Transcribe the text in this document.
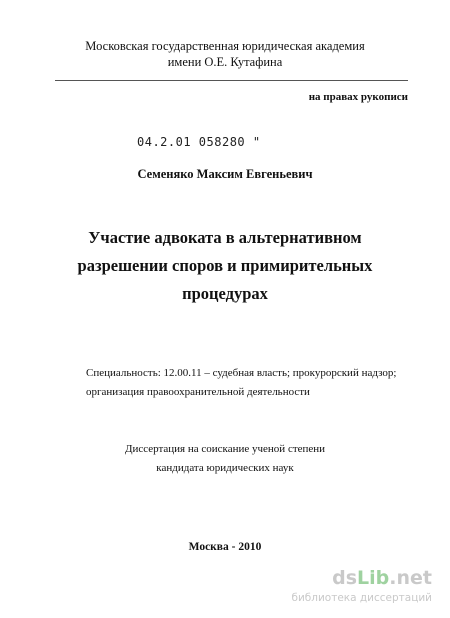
Московская государственная юридическая академия
имени О.Е. Кутафина
на правах рукописи
04.2.01 058280 "
Семеняко Максим Евгеньевич
Участие адвоката в альтернативном
разрешении споров и примирительных
процедурах
Специальность: 12.00.11 – судебная власть; прокурорский надзор;
организация правоохранительной деятельности
Диссертация на соискание ученой степени
кандидата юридических наук
Москва - 2010
dsLib.net
библиотека диссертаций
